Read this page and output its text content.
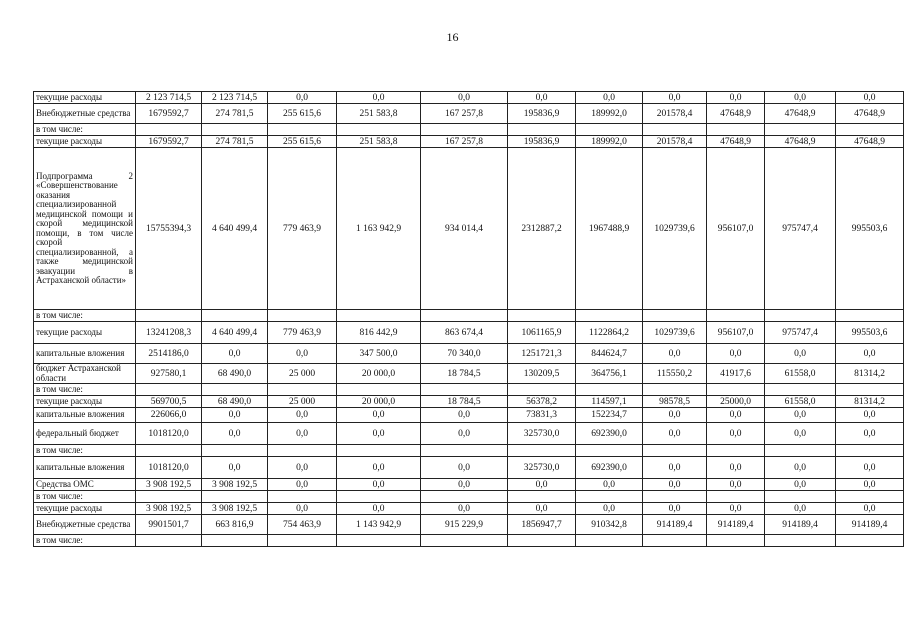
16
текущие расходы	2 123 714,5	2 123 714,5	0,0	0,0	0,0	0,0	0,0	0,0	0,0	0,0	0,0
Внебюджетные средства	1679592,7	274 781,5	255 615,6	251 583,8	167 257,8	195836,9	189992,0	201578,4	47648,9	47648,9	47648,9
в том числе:											
текущие расходы	1679592,7	274 781,5	255 615,6	251 583,8	167 257,8	195836,9	189992,0	201578,4	47648,9	47648,9	47648,9
Подпрограмма 2 «Совершенствование оказания специализированной медицинской помощи и скорой медицинской помощи, в том числе скорой специализированной, а также медицинской эвакуации в Астраханской области»	15755394,3	4 640 499,4	779 463,9	1 163 942,9	934 014,4	2312887,2	1967488,9	1029739,6	956107,0	975747,4	995503,6
в том числе:											
текущие расходы	13241208,3	4 640 499,4	779 463,9	816 442,9	863 674,4	1061165,9	1122864,2	1029739,6	956107,0	975747,4	995503,6
капитальные вложения	2514186,0	0,0	0,0	347 500,0	70 340,0	1251721,3	844624,7	0,0	0,0	0,0	0,0
бюджет Астраханской области	927580,1	68 490,0	25 000	20 000,0	18 784,5	130209,5	364756,1	115550,2	41917,6	61558,0	81314,2
в том числе:											
текущие расходы	569700,5	68 490,0	25 000	20 000,0	18 784,5	56378,2	114597,1	98578,5	25000,0	61558,0	81314,2
капитальные вложения	226066,0	0,0	0,0	0,0	0,0	73831,3	152234,7	0,0	0,0	0,0	0,0
федеральный бюджет	1018120,0	0,0	0,0	0,0	0,0	325730,0	692390,0	0,0	0,0	0,0	0,0
в том числе:											
капитальные вложения	1018120,0	0,0	0,0	0,0	0,0	325730,0	692390,0	0,0	0,0	0,0	0,0
Средства ОМС	3 908 192,5	3 908 192,5	0,0	0,0	0,0	0,0	0,0	0,0	0,0	0,0	0,0
в том числе:											
текущие расходы	3 908 192,5	3 908 192,5	0,0	0,0	0,0	0,0	0,0	0,0	0,0	0,0	0,0
Внебюджетные средства	9901501,7	663 816,9	754 463,9	1 143 942,9	915 229,9	1856947,7	910342,8	914189,4	914189,4	914189,4	914189,4
в том числе:											
